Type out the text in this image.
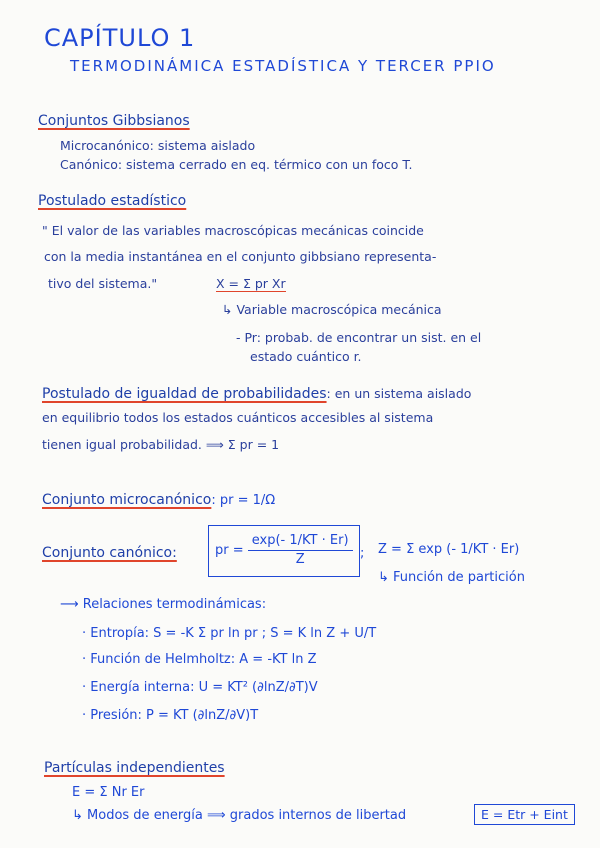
CAPÍTULO 1
TERMODINÁMICA ESTADÍSTICA Y TERCER PPIO
Conjuntos Gibbsianos
Microcanónico: sistema aislado
Canónico: sistema cerrado en eq. térmico con un foco T.
Postulado estadístico
" El valor de las variables macroscópicas mecánicas coincide
con la media instantánea en el conjunto gibbsiano representa-
tivo del sistema."	X = Σ pr Xr
↳ Variable macroscópica mecánica
- Pr: probab. de encontrar un sist. en el
estado cuántico r.
Postulado de igualdad de probabilidades: en un sistema aislado
en equilibrio todos los estados cuánticos accesibles al sistema
tienen igual probabilidad. ⟹ Σ pr = 1
Conjunto microcanónico: pr = 1/Ω
Conjunto canónico:	pr = $\frac{\exp(- 1/KT \cdot Er)}{Z}$ ; Z = Σ exp (- 1/KT · Er)
↳ Función de partición
⟶ Relaciones termodinámicas:
· Entropía: S = -K Σ pr ln pr ; S = K ln Z + U/T
· Función de Helmholtz: A = -KT ln Z
· Energía interna: U = KT² (∂lnZ/∂T)V
· Presión: P = KT (∂lnZ/∂V)T
Partículas independientes
E = Σ Nr Er
↳ Modos de energía ⟹ grados internos de libertad	E = Etr + Eint
